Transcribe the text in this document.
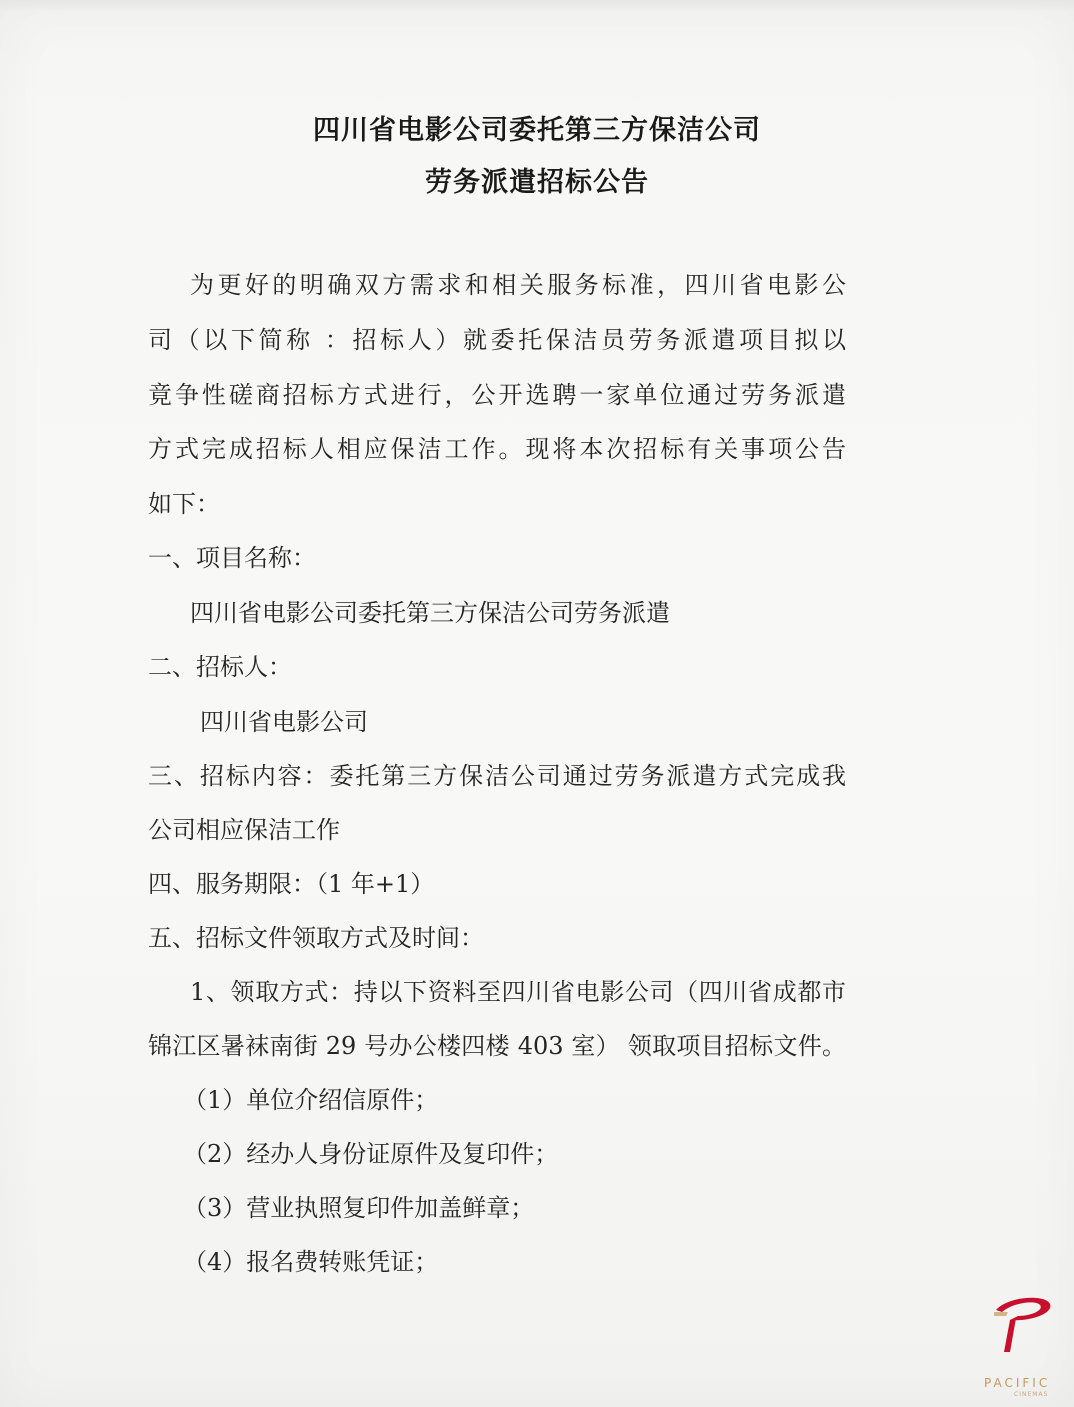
四川省电影公司委托第三方保洁公司
劳务派遣招标公告

为更好的明确双方需求和相关服务标准，四川省电影公

司（以下简称 ：招标人）就委托保洁员劳务派遣项目拟以

竟争性磋商招标方式进行，公开选聘一家单位通过劳务派遣

方式完成招标人相应保洁工作。现将本次招标有关事项公告

如下：

一、项目名称：

四川省电影公司委托第三方保洁公司劳务派遣

二、招标人：

四川省电影公司

三、招标内容：委托第三方保洁公司通过劳务派遣方式完成我

公司相应保洁工作

四、服务期限：（1 年+1）

五、招标文件领取方式及时间：

1、领取方式：持以下资料至四川省电影公司（四川省成都市

锦江区暑袜南街 29 号办公楼四楼 403 室） 领取项目招标文件。

（1）单位介绍信原件；

（2）经办人身份证原件及复印件；

（3）营业执照复印件加盖鲜章；

（4）报名费转账凭证；

PACIFIC
CINEMAS
